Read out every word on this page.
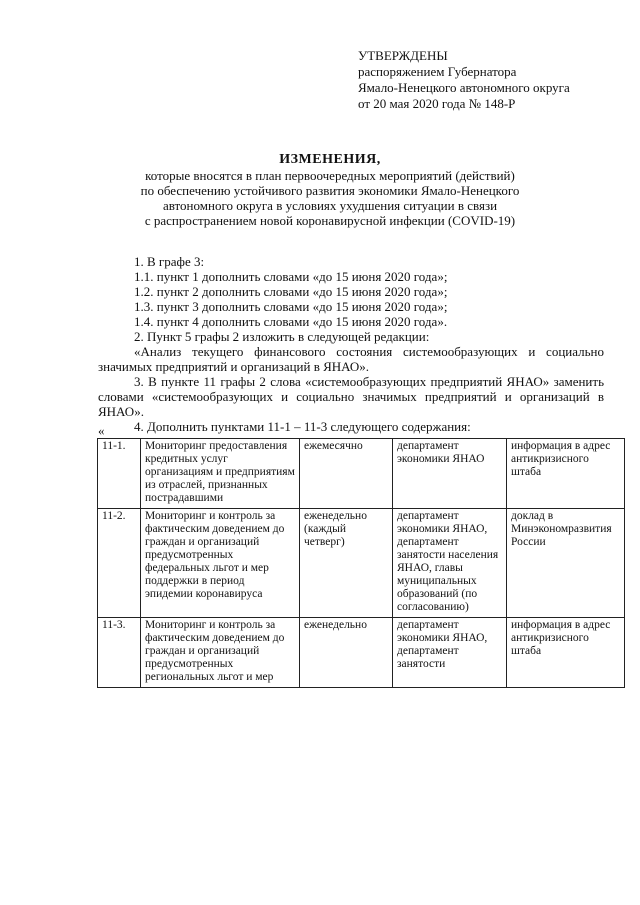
УТВЕРЖДЕНЫ
распоряжением Губернатора
Ямало-Ненецкого автономного округа
от 20 мая 2020 года № 148-Р
ИЗМЕНЕНИЯ,
которые вносятся в план первоочередных мероприятий (действий)
по обеспечению устойчивого развития экономики Ямало-Ненецкого
автономного округа в условиях ухудшения ситуации в связи
с распространением новой коронавирусной инфекции (COVID-19)

1. В графе 3:

1.1. пункт 1 дополнить словами «до 15 июня 2020 года»;

1.2. пункт 2 дополнить словами «до 15 июня 2020 года»;

1.3. пункт 3 дополнить словами «до 15 июня 2020 года»;

1.4. пункт 4 дополнить словами «до 15 июня 2020 года».

2. Пункт 5 графы 2 изложить в следующей редакции:

«Анализ текущего финансового состояния системообразующих и социально значимых предприятий и организаций в ЯНАО».

3. В пункте 11 графы 2 слова «системообразующих предприятий ЯНАО» заменить словами «системообразующих и социально значимых предприятий и организаций в ЯНАО».

4. Дополнить пунктами 11-1 – 11-3 следующего содержания:

«
11-1.	Мониторинг предоставления кредитных услуг организациям и предприятиям из отраслей, признанных пострадавшими	ежемесячно	департамент экономики ЯНАО	информация в адрес антикризисного штаба
11-2.	Мониторинг и контроль за фактическим доведением до граждан и организаций предусмотренных федеральных льгот и мер поддержки в период эпидемии коронавируса	еженедельно (каждый четверг)	департамент экономики ЯНАО, департамент занятости населения ЯНАО, главы муниципальных образований (по согласованию)	доклад в Минэкономразвития России
11-3.	Мониторинг и контроль за фактическим доведением до граждан и организаций предусмотренных региональных льгот и мер	еженедельно	департамент экономики ЯНАО, департамент занятости	информация в адрес антикризисного штаба
